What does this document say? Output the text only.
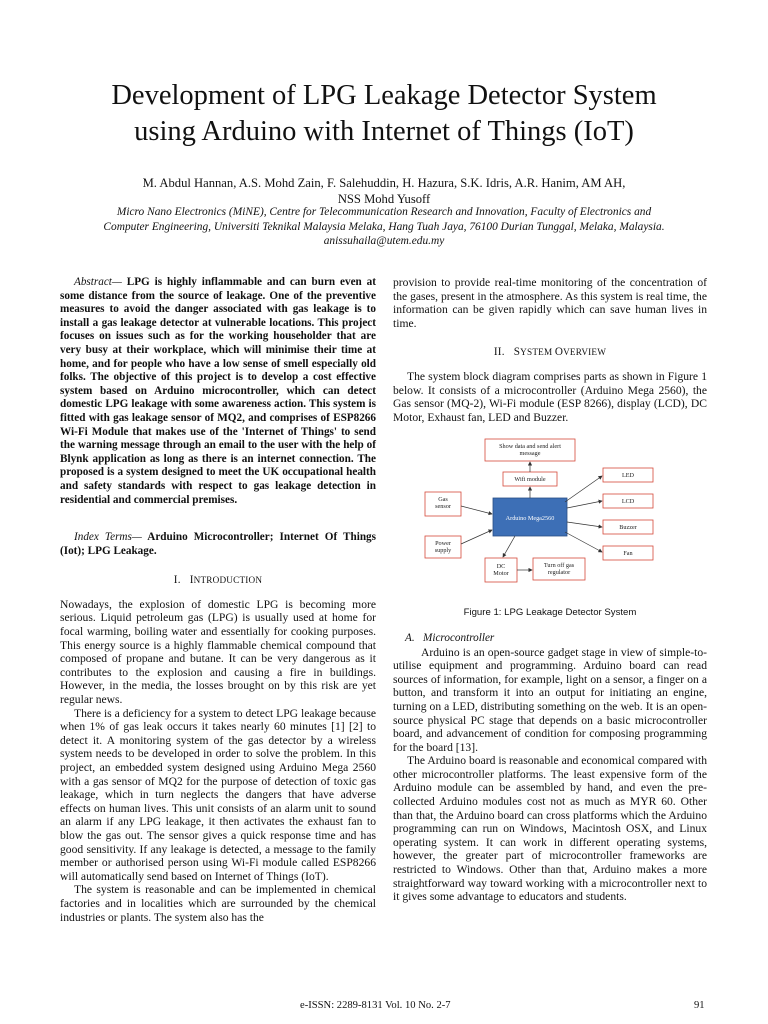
Development of LPG Leakage Detector System
using Arduino with Internet of Things (IoT)
M. Abdul Hannan, A.S. Mohd Zain, F. Salehuddin, H. Hazura, S.K. Idris, A.R. Hanim, AM AH,
NSS Mohd Yusoff
Micro Nano Electronics (MiNE), Centre for Telecommunication Research and Innovation, Faculty of Electronics and
Computer Engineering, Universiti Teknikal Malaysia Melaka, Hang Tuah Jaya, 76100 Durian Tunggal, Melaka, Malaysia.
anissuhaila@utem.edu.my

Abstract— LPG is highly inflammable and can burn even at some distance from the source of leakage. One of the preventive measures to avoid the danger associated with gas leakage is to install a gas leakage detector at vulnerable locations. This project focuses on issues such as for the working householder that are very busy at their workplace, which will minimise their time at home, and for people who have a low sense of smell especially old folks. The objective of this project is to develop a cost effective system based on Arduino microcontroller, which can detect domestic LPG leakage with some awareness action. This system is fitted with gas leakage sensor of MQ2, and comprises of ESP8266 Wi-Fi Module that makes use of the 'Internet of Things' to send the warning message through an email to the user with the help of Blynk application as long as there is an internet connection. The proposed is a system designed to meet the UK occupational health and safety standards with respect to gas leakage detection in residential and commercial premises.

Index Terms— Arduino Microcontroller; Internet Of Things (Iot); LPG Leakage.

I. INTRODUCTION

Nowadays, the explosion of domestic LPG is becoming more serious. Liquid petroleum gas (LPG) is usually used at home for focal warming, boiling water and essentially for cooking purposes. This energy source is a highly flammable chemical compound that composed of propane and butane. It can be very dangerous as it contributes to the explosion and causing a fire in buildings. However, in the media, the losses brought on by this risk are yet regular news.

There is a deficiency for a system to detect LPG leakage because when 1% of gas leak occurs it takes nearly 60 minutes [1] [2] to detect it. A monitoring system of the gas detector by a wireless system needs to be developed in order to solve the problem. In this project, an embedded system designed using Arduino Mega 2560 with a gas sensor of MQ2 for the purpose of detection of toxic gas leakage, which in turn neglects the dangers that have adverse effects on human lives. This unit consists of an alarm unit to sound an alarm if any LPG leakage, it then activates the exhaust fan to blow the gas out. The sensor gives a quick response time and has good sensitivity. If any leakage is detected, a message to the family member or authorised person using Wi-Fi module called ESP8266 will automatically send based on Internet of Things (IoT).

The system is reasonable and can be implemented in chemical factories and in localities which are surrounded by the chemical industries or plants. The system also has the

provision to provide real-time monitoring of the concentration of the gases, present in the atmosphere. As this system is real time, the information can be given rapidly which can save human lives in time.

II. SYSTEM OVERVIEW

The system block diagram comprises parts as shown in Figure 1 below. It consists of a microcontroller (Arduino Mega 2560), the Gas sensor (MQ-2), Wi-Fi module (ESP 8266), display (LCD), DC Motor, Exhaust fan, LED and Buzzer.

Show data and send alert message
Wifi module
Arduino Mega2560
Gas sensor
Power supply
DC Motor
Turn off gas regulator
LED
LCD
Buzzer
Fan

Figure 1: LPG Leakage Detector System

A. Microcontroller

Arduino is an open-source gadget stage in view of simple-to-utilise equipment and programming. Arduino board can read sources of information, for example, light on a sensor, a finger on a button, and transform it into an output for initiating an engine, turning on a LED, distributing something on the web. It is an open-source physical PC stage that depends on a basic microcontroller board, and advancement of condition for composing programming for the board [13].

The Arduino board is reasonable and economical compared with other microcontroller platforms. The least expensive form of the Arduino module can be assembled by hand, and even the pre-collected Arduino modules cost not as much as MYR 60. Other than that, the Arduino board can cross platforms which the Arduino programming can run on Windows, Macintosh OSX, and Linux operating system. It can work in different operating systems, however, the greater part of microcontroller frameworks are restricted to Windows. Other than that, Arduino makes a more straightforward way toward working with a microcontroller next to it gives some advantage to educators and students.

e-ISSN: 2289-8131 Vol. 10 No. 2-7	91
